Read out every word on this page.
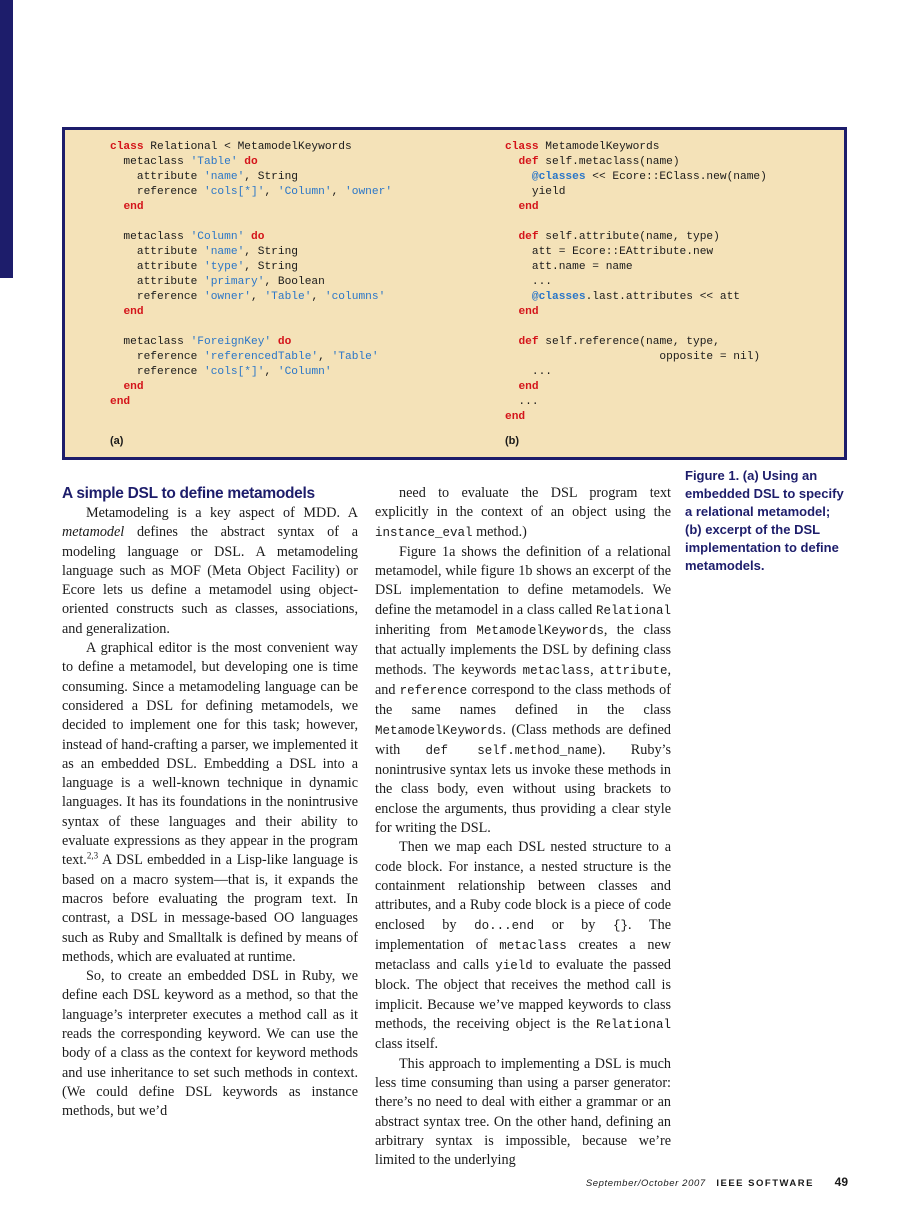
class Relational < MetamodelKeywords
metaclass 'Table' do
attribute 'name', String
reference 'cols[*]', 'Column', 'owner'
end
metaclass 'Column' do
attribute 'name', String
attribute 'type', String
attribute 'primary', Boolean
reference 'owner', 'Table', 'columns'
end
metaclass 'ForeignKey' do
reference 'referencedTable', 'Table'
reference 'cols[*]', 'Column'
end
end
class MetamodelKeywords
def self.metaclass(name)
@classes << Ecore::EClass.new(name)
yield
end
def self.attribute(name, type)
att = Ecore::EAttribute.new
att.name = name
...
@classes.last.attributes << att
end
def self.reference(name, type,
opposite = nil)
...
end
...
end
(a)	(b)

Figure 1. (a) Using an embedded DSL to specify a relational metamodel; (b) excerpt of the DSL implementation to define metamodels.

A simple DSL to define metamodels

Metamodeling is a key aspect of MDD. A metamodel defines the abstract syntax of a modeling language or DSL. A metamodeling language such as MOF (Meta Object Facility) or Ecore lets us define a metamodel using object-oriented constructs such as classes, associations, and generalization.

A graphical editor is the most convenient way to define a metamodel, but developing one is time consuming. Since a metamodeling language can be considered a DSL for defining metamodels, we decided to implement one for this task; however, instead of hand-crafting a parser, we implemented it as an embedded DSL. Embedding a DSL into a language is a well-known technique in dynamic languages. It has its foundations in the nonintrusive syntax of these languages and their ability to evaluate expressions as they appear in the program text.$^{2,3}$ A DSL embedded in a Lisp-like language is based on a macro system—that is, it expands the macros before evaluating the program text. In contrast, a DSL in message-based OO languages such as Ruby and Smalltalk is defined by means of methods, which are evaluated at runtime.

So, to create an embedded DSL in Ruby, we define each DSL keyword as a method, so that the language’s interpreter executes a method call as it reads the corresponding keyword. We can use the body of a class as the context for keyword methods and use inheritance to set such methods in context. (We could define DSL keywords as instance methods, but we’d

need to evaluate the DSL program text explicitly in the context of an object using the instance_eval method.)

Figure 1a shows the definition of a relational metamodel, while figure 1b shows an excerpt of the DSL implementation to define metamodels. We define the metamodel in a class called Relational inheriting from MetamodelKeywords, the class that actually implements the DSL by defining class methods. The keywords metaclass, attribute, and reference correspond to the class methods of the same names defined in the class MetamodelKeywords. (Class methods are defined with def self.method_name). Ruby’s nonintrusive syntax lets us invoke these methods in the class body, even without using brackets to enclose the arguments, thus providing a clear style for writing the DSL.

Then we map each DSL nested structure to a code block. For instance, a nested structure is the containment relationship between classes and attributes, and a Ruby code block is a piece of code enclosed by do...end or by {}. The implementation of metaclass creates a new metaclass and calls yield to evaluate the passed block. The object that receives the method call is implicit. Because we’ve mapped keywords to class methods, the receiving object is the Relational class itself.

This approach to implementing a DSL is much less time consuming than using a parser generator: there’s no need to deal with either a grammar or an abstract syntax tree. On the other hand, defining an arbitrary syntax is impossible, because we’re limited to the underlying

September/October 2007 IEEE SOFTWARE 49
